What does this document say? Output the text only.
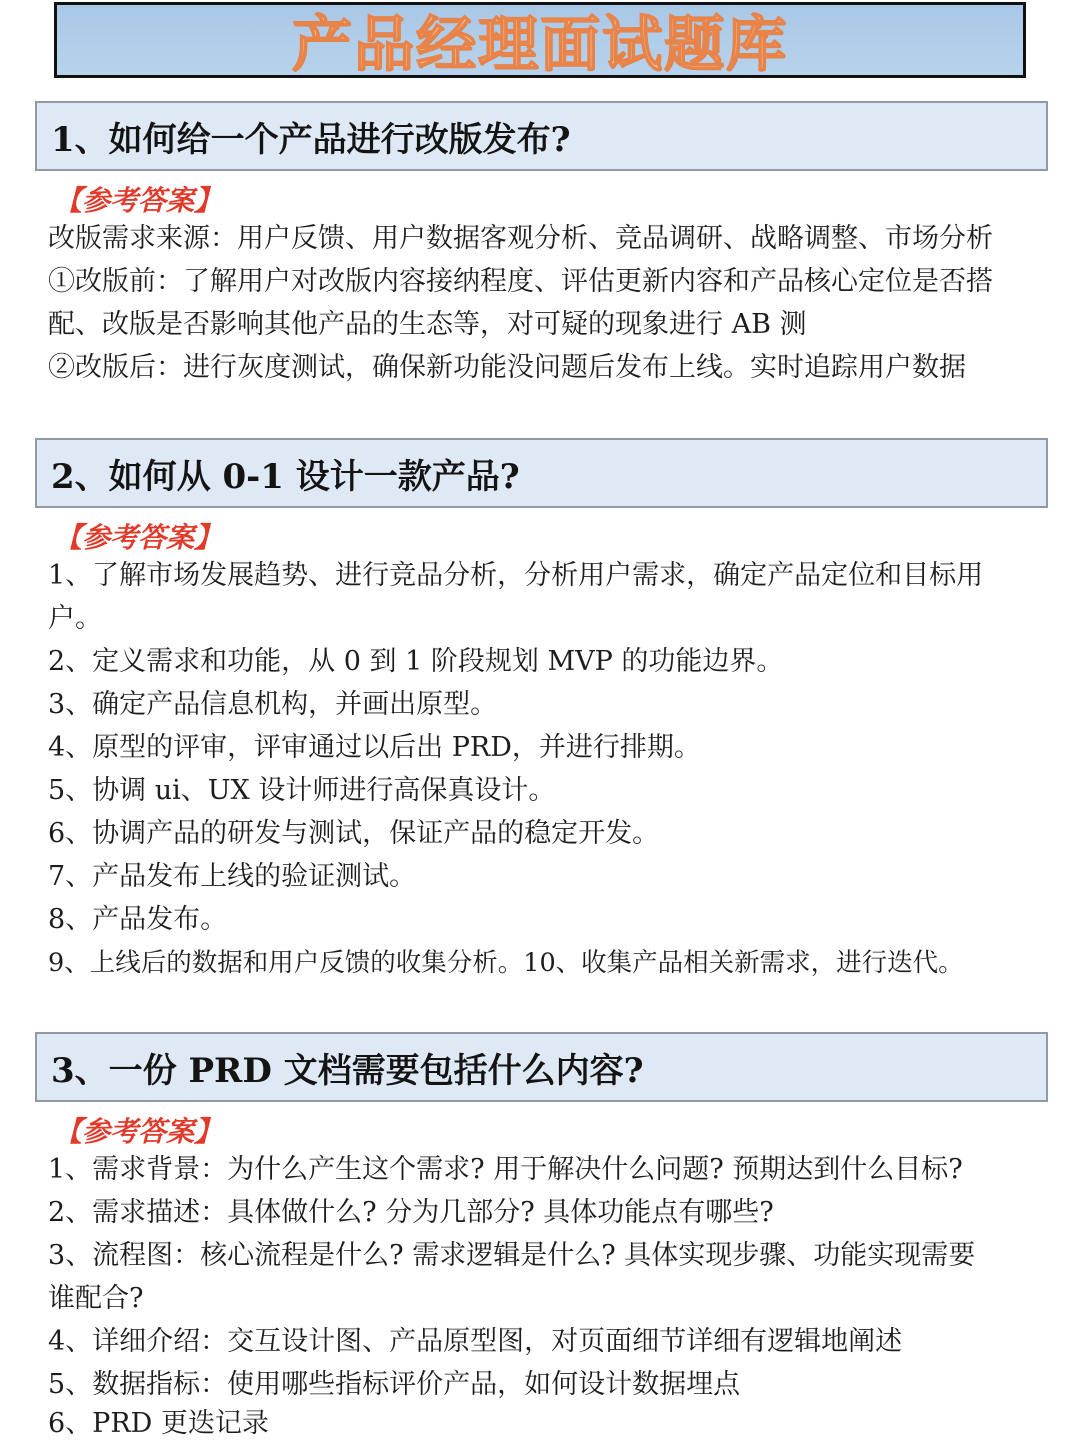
产品经理面试题库
1、如何给一个产品进行改版发布?
【参考答案】
改版需求来源：用户反馈、用户数据客观分析、竞品调研、战略调整、市场分析
①改版前：了解用户对改版内容接纳程度、评估更新内容和产品核心定位是否搭
配、改版是否影响其他产品的生态等，对可疑的现象进行 AB 测
②改版后：进行灰度测试，确保新功能没问题后发布上线。实时追踪用户数据
2、如何从 0-1 设计一款产品?
【参考答案】
1、了解市场发展趋势、进行竞品分析，分析用户需求，确定产品定位和目标用
户。
2、定义需求和功能，从 0 到 1 阶段规划 MVP 的功能边界。
3、确定产品信息机构，并画出原型。
4、原型的评审，评审通过以后出 PRD，并进行排期。
5、协调 ui、UX 设计师进行高保真设计。
6、协调产品的研发与测试，保证产品的稳定开发。
7、产品发布上线的验证测试。
8、产品发布。
9、上线后的数据和用户反馈的收集分析。10、收集产品相关新需求，进行迭代。
3、一份 PRD 文档需要包括什么内容?
【参考答案】
1、需求背景：为什么产生这个需求? 用于解决什么问题? 预期达到什么目标?
2、需求描述：具体做什么? 分为几部分? 具体功能点有哪些?
3、流程图：核心流程是什么? 需求逻辑是什么? 具体实现步骤、功能实现需要
谁配合?
4、详细介绍：交互设计图、产品原型图，对页面细节详细有逻辑地阐述
5、数据指标：使用哪些指标评价产品，如何设计数据埋点
6、PRD 更迭记录
